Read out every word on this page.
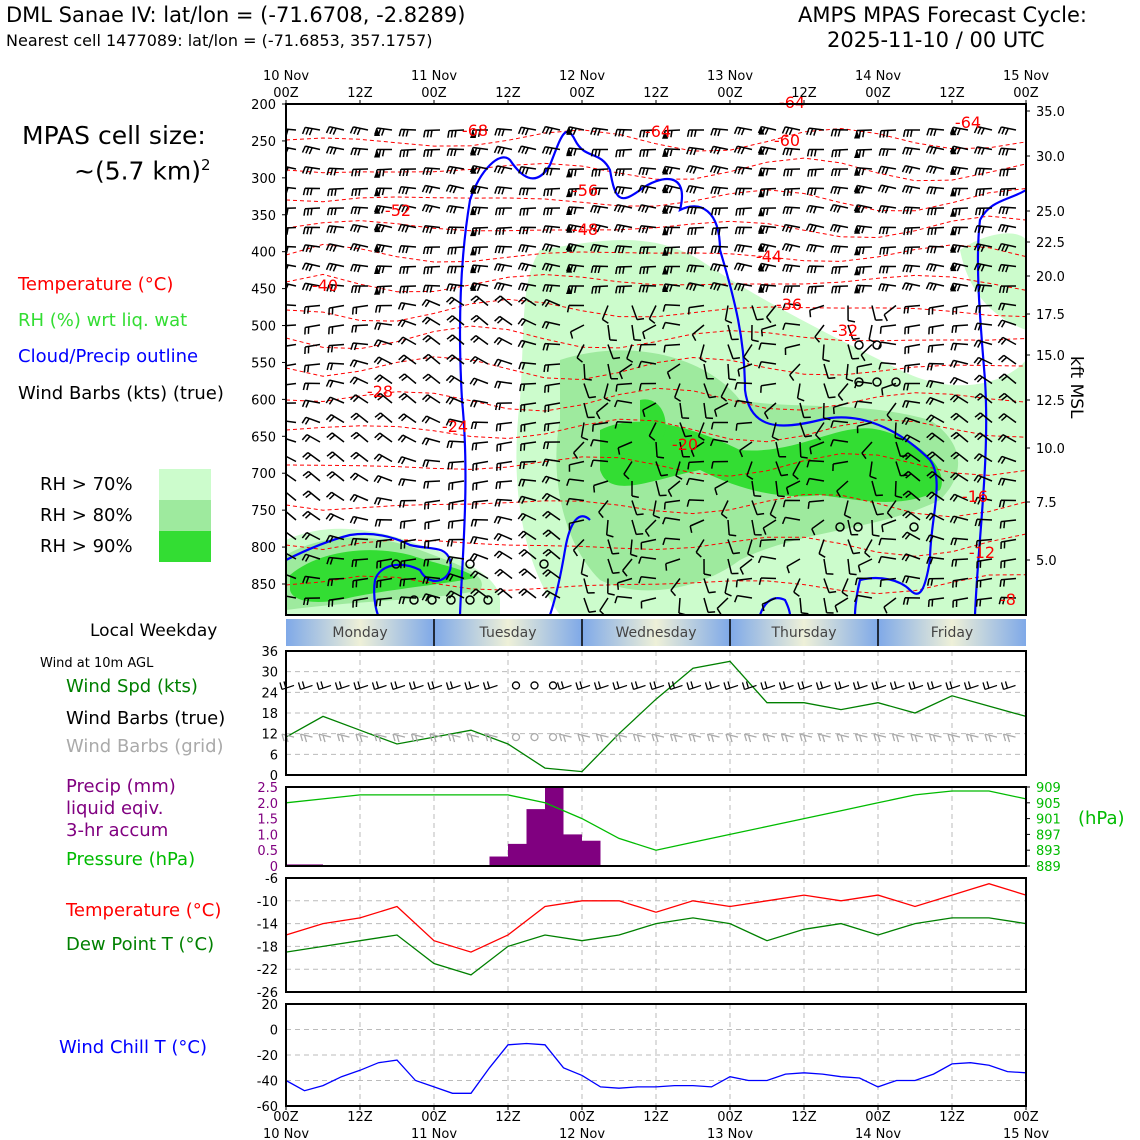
DML Sanae IV: lat/lon = (-71.6708, -2.8289)
Nearest cell 1477089: lat/lon = (-71.6853, 357.1757)
AMPS MPAS Forecast Cycle:
2025-11-10 / 00 UTC
MPAS cell size:
~(5.7 km)$^2$
Temperature (°C)
RH (%) wrt liq. wat
Cloud/Precip outline
Wind Barbs (kts) (true)
RH > 70%
RH > 80%
RH > 90%
Local Weekday
Wind at 10m AGL
Wind Spd (kts)
Wind Barbs (true)
Wind Barbs (grid)
Precip (mm)
liquid eqiv.
3-hr accum
Pressure (hPa)
(hPa)
Temperature (°C)
Dew Point T (°C)
Wind Chill T (°C)
kft MSL
-68
-64
-64	-64
-60
-56
-52
-48
-44
-40
-36
-32
-28
-24
-20
-16
-12
-8
200
250
300
350
400
450
500
550
600
650
700
750
800
850
35.0
30.0
25.0
22.5
20.0
17.5
15.0
12.5
10.0
7.5
5.0
10 Nov
00Z	12Z
11 Nov
00Z	12Z
12 Nov
00Z	12Z
13 Nov
00Z	12Z
14 Nov
00Z	12Z
15 Nov
00Z
Monday	Tuesday	Wednesday	Thursday	Friday
0
6
12
18
24
30
36
0
0.5
1.0
1.5
2.0
2.5
889
893
897
901
905
909
-26
-22
-18
-14
-10
-6
-60
-40
-20
0
20
00Z
10 Nov
12Z	00Z
11 Nov
12Z	00Z
12 Nov
12Z	00Z
13 Nov
12Z	00Z
14 Nov
12Z	00Z
15 Nov
